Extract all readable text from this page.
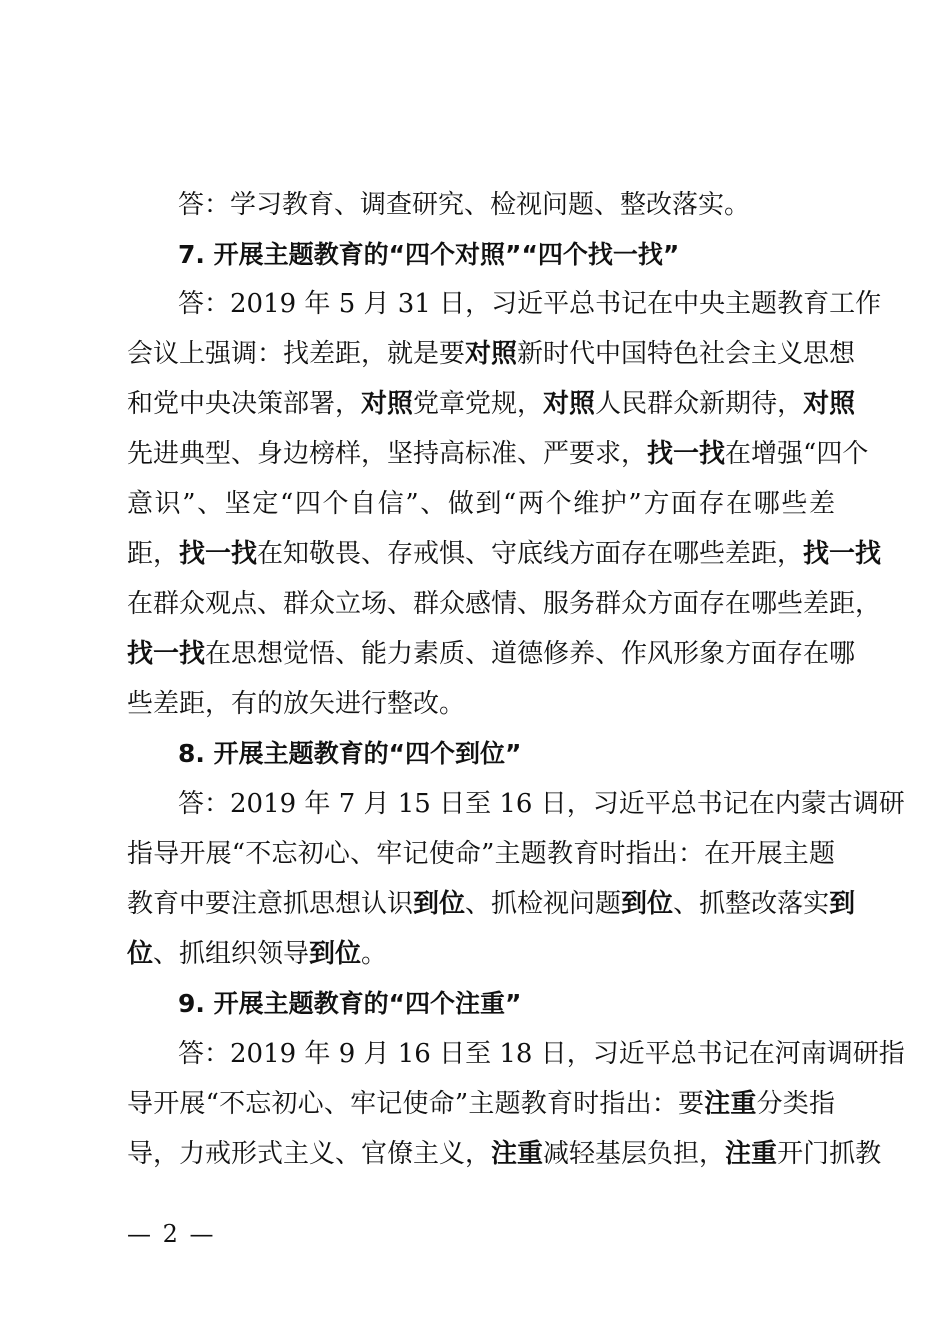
答：学习教育、调查研究、检视问题、整改落实。
7. 开展主题教育的“四个对照”“四个找一找”
答：2019 年 5 月 31 日，习近平总书记在中央主题教育工作
会议上强调：找差距，就是要对照新时代中国特色社会主义思想
和党中央决策部署，对照党章党规，对照人民群众新期待，对照
先进典型、身边榜样，坚持高标准、严要求，找一找在增强“四个
意识”、坚定“四个自信”、做到“两个维护”方面存在哪些差
距，找一找在知敬畏、存戒惧、守底线方面存在哪些差距，找一找
在群众观点、群众立场、群众感情、服务群众方面存在哪些差距，
找一找在思想觉悟、能力素质、道德修养、作风形象方面存在哪
些差距，有的放矢进行整改。
8. 开展主题教育的“四个到位”
答：2019 年 7 月 15 日至 16 日，习近平总书记在内蒙古调研
指导开展“不忘初心、牢记使命”主题教育时指出：在开展主题
教育中要注意抓思想认识到位、抓检视问题到位、抓整改落实到
位、抓组织领导到位。
9. 开展主题教育的“四个注重”
答：2019 年 9 月 16 日至 18 日，习近平总书记在河南调研指
导开展“不忘初心、牢记使命”主题教育时指出：要注重分类指
导，力戒形式主义、官僚主义，注重减轻基层负担，注重开门抓教
— 2 —
